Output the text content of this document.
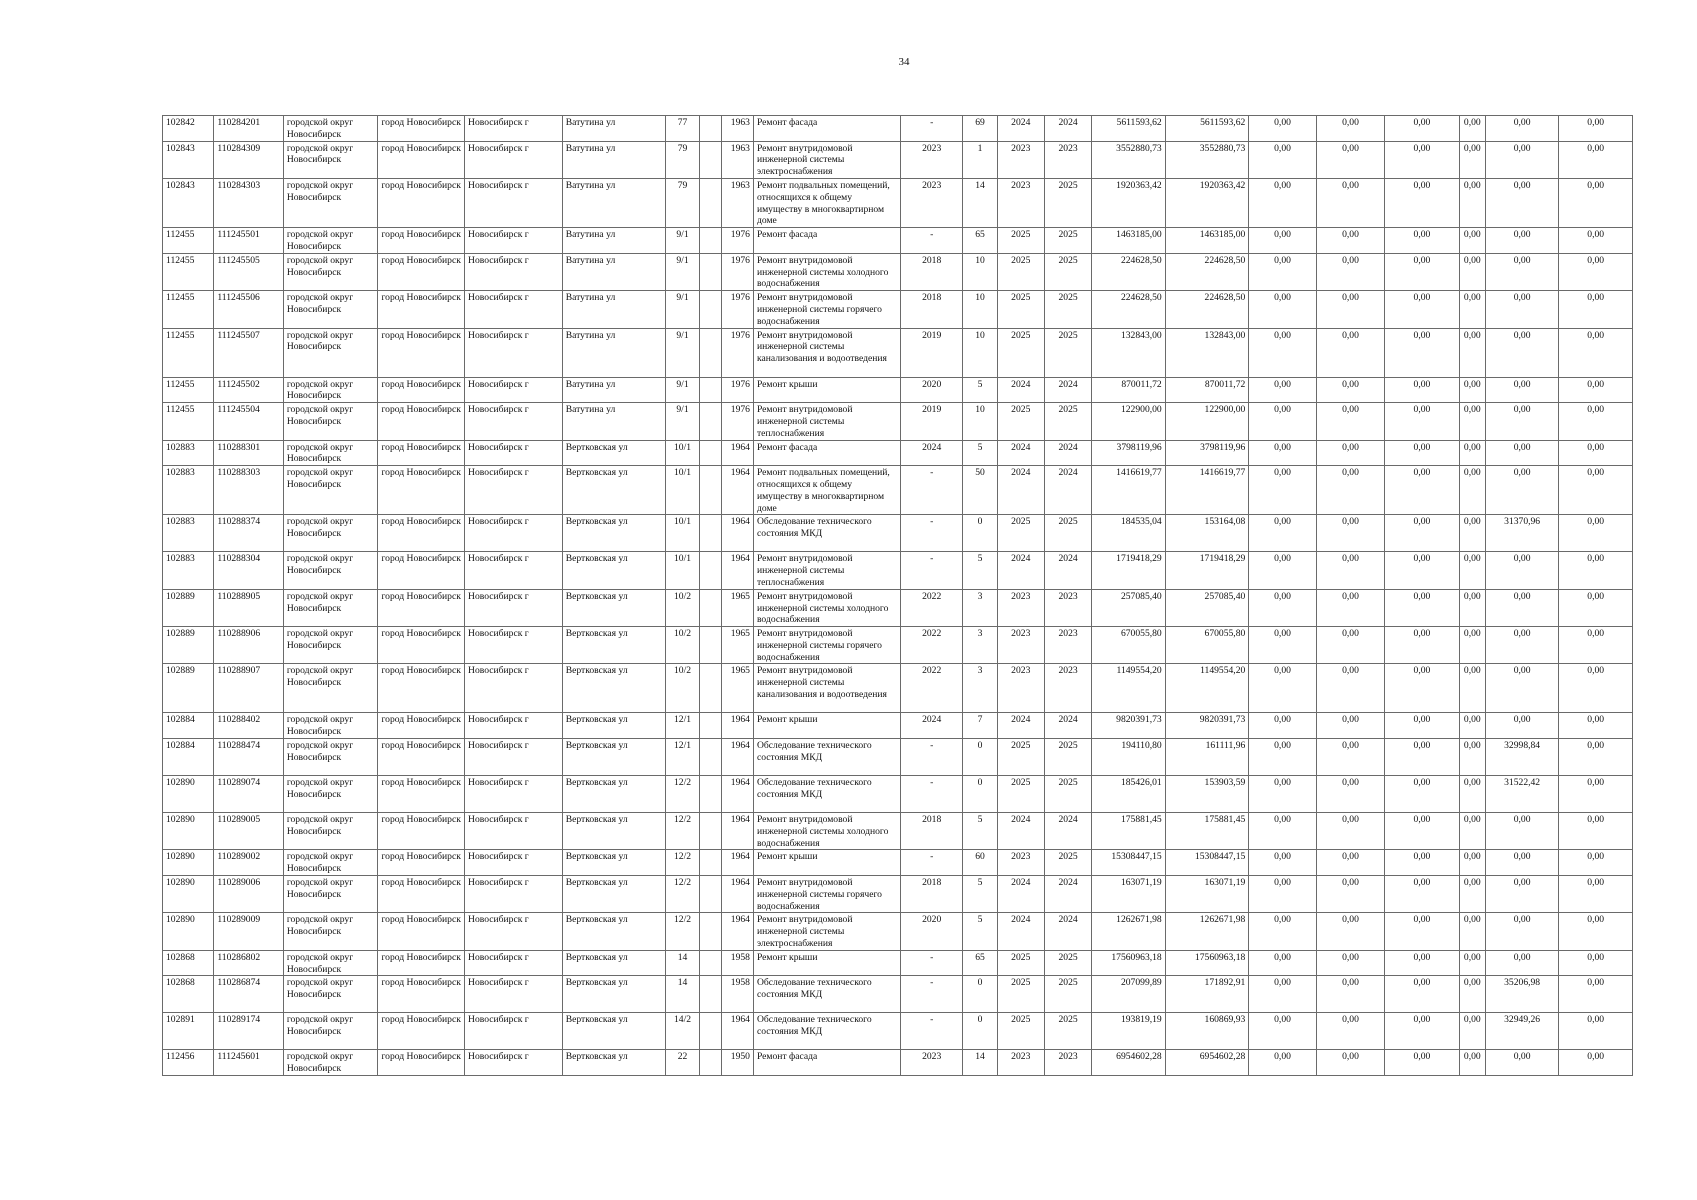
34
102842	110284201	городской округ Новосибирск	город Новосибирск	Новосибирск г	Ватутина ул	77		1963	Ремонт фасада	-	69	2024	2024	5611593,62	5611593,62	0,00	0,00	0,00	0,00	0,00	0,00
102843	110284309	городской округ Новосибирск	город Новосибирск	Новосибирск г	Ватутина ул	79		1963	Ремонт внутридомовой инженерной системы электроснабжения	2023	1	2023	2023	3552880,73	3552880,73	0,00	0,00	0,00	0,00	0,00	0,00
102843	110284303	городской округ Новосибирск	город Новосибирск	Новосибирск г	Ватутина ул	79		1963	Ремонт подвальных помещений, относящихся к общему имуществу в многоквартирном доме	2023	14	2023	2025	1920363,42	1920363,42	0,00	0,00	0,00	0,00	0,00	0,00
112455	111245501	городской округ Новосибирск	город Новосибирск	Новосибирск г	Ватутина ул	9/1		1976	Ремонт фасада	-	65	2025	2025	1463185,00	1463185,00	0,00	0,00	0,00	0,00	0,00	0,00
112455	111245505	городской округ Новосибирск	город Новосибирск	Новосибирск г	Ватутина ул	9/1		1976	Ремонт внутридомовой инженерной системы холодного водоснабжения	2018	10	2025	2025	224628,50	224628,50	0,00	0,00	0,00	0,00	0,00	0,00
112455	111245506	городской округ Новосибирск	город Новосибирск	Новосибирск г	Ватутина ул	9/1		1976	Ремонт внутридомовой инженерной системы горячего водоснабжения	2018	10	2025	2025	224628,50	224628,50	0,00	0,00	0,00	0,00	0,00	0,00
112455	111245507	городской округ Новосибирск	город Новосибирск	Новосибирск г	Ватутина ул	9/1		1976	Ремонт внутридомовой инженерной системы канализования и водоотведения	2019	10	2025	2025	132843,00	132843,00	0,00	0,00	0,00	0,00	0,00	0,00
112455	111245502	городской округ Новосибирск	город Новосибирск	Новосибирск г	Ватутина ул	9/1		1976	Ремонт крыши	2020	5	2024	2024	870011,72	870011,72	0,00	0,00	0,00	0,00	0,00	0,00
112455	111245504	городской округ Новосибирск	город Новосибирск	Новосибирск г	Ватутина ул	9/1		1976	Ремонт внутридомовой инженерной системы теплоснабжения	2019	10	2025	2025	122900,00	122900,00	0,00	0,00	0,00	0,00	0,00	0,00
102883	110288301	городской округ Новосибирск	город Новосибирск	Новосибирск г	Вертковская ул	10/1		1964	Ремонт фасада	2024	5	2024	2024	3798119,96	3798119,96	0,00	0,00	0,00	0,00	0,00	0,00
102883	110288303	городской округ Новосибирск	город Новосибирск	Новосибирск г	Вертковская ул	10/1		1964	Ремонт подвальных помещений, относящихся к общему имуществу в многоквартирном доме	-	50	2024	2024	1416619,77	1416619,77	0,00	0,00	0,00	0,00	0,00	0,00
102883	110288374	городской округ Новосибирск	город Новосибирск	Новосибирск г	Вертковская ул	10/1		1964	Обследование технического состояния МКД	-	0	2025	2025	184535,04	153164,08	0,00	0,00	0,00	0,00	31370,96	0,00
102883	110288304	городской округ Новосибирск	город Новосибирск	Новосибирск г	Вертковская ул	10/1		1964	Ремонт внутридомовой инженерной системы теплоснабжения	-	5	2024	2024	1719418,29	1719418,29	0,00	0,00	0,00	0,00	0,00	0,00
102889	110288905	городской округ Новосибирск	город Новосибирск	Новосибирск г	Вертковская ул	10/2		1965	Ремонт внутридомовой инженерной системы холодного водоснабжения	2022	3	2023	2023	257085,40	257085,40	0,00	0,00	0,00	0,00	0,00	0,00
102889	110288906	городской округ Новосибирск	город Новосибирск	Новосибирск г	Вертковская ул	10/2		1965	Ремонт внутридомовой инженерной системы горячего водоснабжения	2022	3	2023	2023	670055,80	670055,80	0,00	0,00	0,00	0,00	0,00	0,00
102889	110288907	городской округ Новосибирск	город Новосибирск	Новосибирск г	Вертковская ул	10/2		1965	Ремонт внутридомовой инженерной системы канализования и водоотведения	2022	3	2023	2023	1149554,20	1149554,20	0,00	0,00	0,00	0,00	0,00	0,00
102884	110288402	городской округ Новосибирск	город Новосибирск	Новосибирск г	Вертковская ул	12/1		1964	Ремонт крыши	2024	7	2024	2024	9820391,73	9820391,73	0,00	0,00	0,00	0,00	0,00	0,00
102884	110288474	городской округ Новосибирск	город Новосибирск	Новосибирск г	Вертковская ул	12/1		1964	Обследование технического состояния МКД	-	0	2025	2025	194110,80	161111,96	0,00	0,00	0,00	0,00	32998,84	0,00
102890	110289074	городской округ Новосибирск	город Новосибирск	Новосибирск г	Вертковская ул	12/2		1964	Обследование технического состояния МКД	-	0	2025	2025	185426,01	153903,59	0,00	0,00	0,00	0,00	31522,42	0,00
102890	110289005	городской округ Новосибирск	город Новосибирск	Новосибирск г	Вертковская ул	12/2		1964	Ремонт внутридомовой инженерной системы холодного водоснабжения	2018	5	2024	2024	175881,45	175881,45	0,00	0,00	0,00	0,00	0,00	0,00
102890	110289002	городской округ Новосибирск	город Новосибирск	Новосибирск г	Вертковская ул	12/2		1964	Ремонт крыши	-	60	2023	2025	15308447,15	15308447,15	0,00	0,00	0,00	0,00	0,00	0,00
102890	110289006	городской округ Новосибирск	город Новосибирск	Новосибирск г	Вертковская ул	12/2		1964	Ремонт внутридомовой инженерной системы горячего водоснабжения	2018	5	2024	2024	163071,19	163071,19	0,00	0,00	0,00	0,00	0,00	0,00
102890	110289009	городской округ Новосибирск	город Новосибирск	Новосибирск г	Вертковская ул	12/2		1964	Ремонт внутридомовой инженерной системы электроснабжения	2020	5	2024	2024	1262671,98	1262671,98	0,00	0,00	0,00	0,00	0,00	0,00
102868	110286802	городской округ Новосибирск	город Новосибирск	Новосибирск г	Вертковская ул	14		1958	Ремонт крыши	-	65	2025	2025	17560963,18	17560963,18	0,00	0,00	0,00	0,00	0,00	0,00
102868	110286874	городской округ Новосибирск	город Новосибирск	Новосибирск г	Вертковская ул	14		1958	Обследование технического состояния МКД	-	0	2025	2025	207099,89	171892,91	0,00	0,00	0,00	0,00	35206,98	0,00
102891	110289174	городской округ Новосибирск	город Новосибирск	Новосибирск г	Вертковская ул	14/2		1964	Обследование технического состояния МКД	-	0	2025	2025	193819,19	160869,93	0,00	0,00	0,00	0,00	32949,26	0,00
112456	111245601	городской округ Новосибирск	город Новосибирск	Новосибирск г	Вертковская ул	22		1950	Ремонт фасада	2023	14	2023	2023	6954602,28	6954602,28	0,00	0,00	0,00	0,00	0,00	0,00
